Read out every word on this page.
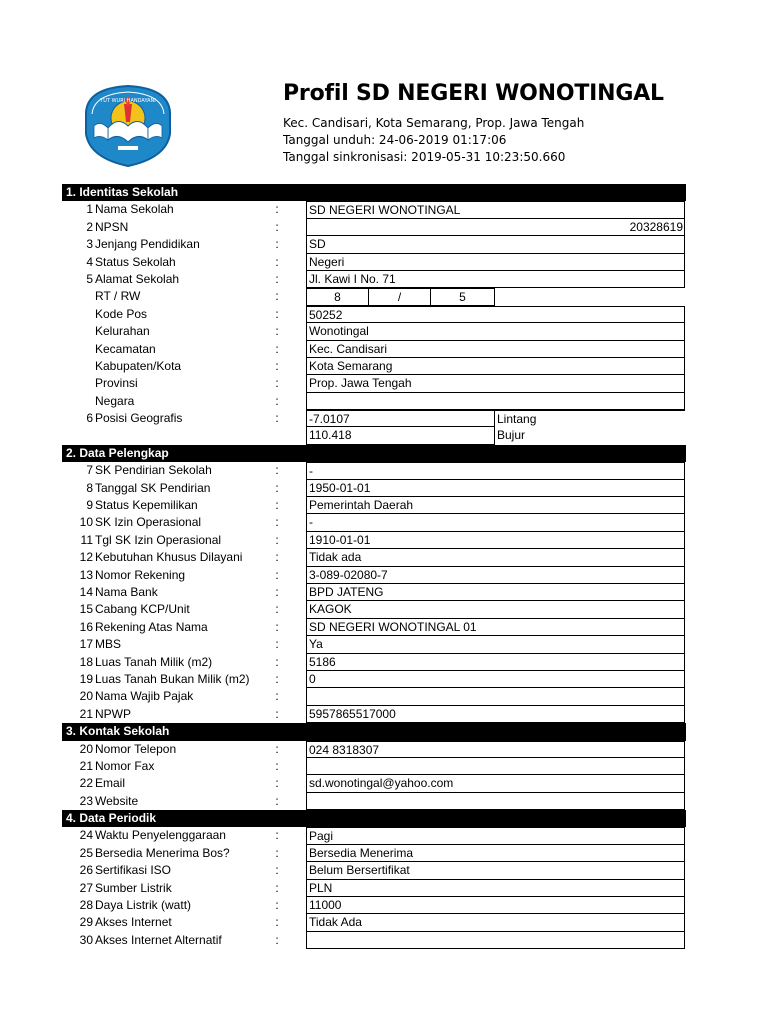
TUT WURI HANDAYANI	Profil SD NEGERI WONOTINGAL
Kec. Candisari, Kota Semarang, Prop. Jawa Tengah
Tanggal unduh: 24-06-2019 01:17:06
Tanggal sinkronisasi: 2019-05-31 10:23:50.660
1. Identitas Sekolah
1 Nama Sekolah	:	SD NEGERI WONOTINGAL
2 NPSN	:	20328619
3 Jenjang Pendidikan	:	SD
4 Status Sekolah	:	Negeri
5 Alamat Sekolah	:	Jl. Kawi I No. 71
RT / RW	:	8	/	5
Kode Pos	:	50252
Kelurahan	:	Wonotingal
Kecamatan	:	Kec. Candisari
Kabupaten/Kota	:	Kota Semarang
Provinsi	:	Prop. Jawa Tengah
Negara	:
6 Posisi Geografis	:	-7.0107	Lintang
110.418	Bujur
2. Data Pelengkap
7 SK Pendirian Sekolah	:	-
8 Tanggal SK Pendirian	:	1950-01-01
9 Status Kepemilikan	:	Pemerintah Daerah
10 SK Izin Operasional	:	-
11 Tgl SK Izin Operasional	:	1910-01-01
12 Kebutuhan Khusus Dilayani	:	Tidak ada
13 Nomor Rekening	:	3-089-02080-7
14 Nama Bank	:	BPD JATENG
15 Cabang KCP/Unit	:	KAGOK
16 Rekening Atas Nama	:	SD NEGERI WONOTINGAL 01
17 MBS	:	Ya
18 Luas Tanah Milik (m2)	:	5186
19 Luas Tanah Bukan Milik (m2) :	0
20 Nama Wajib Pajak	:
21 NPWP	:	5957865517000
3. Kontak Sekolah
20 Nomor Telepon	:	024 8318307
21 Nomor Fax	:
22 Email	:	sd.wonotingal@yahoo.com
23 Website	:
4. Data Periodik
24 Waktu Penyelenggaraan	:	Pagi
25 Bersedia Menerima Bos?	:	Bersedia Menerima
26 Sertifikasi ISO	:	Belum Bersertifikat
27 Sumber Listrik	:	PLN
28 Daya Listrik (watt)	:	11000
29 Akses Internet	:	Tidak Ada
30 Akses Internet Alternatif	:
